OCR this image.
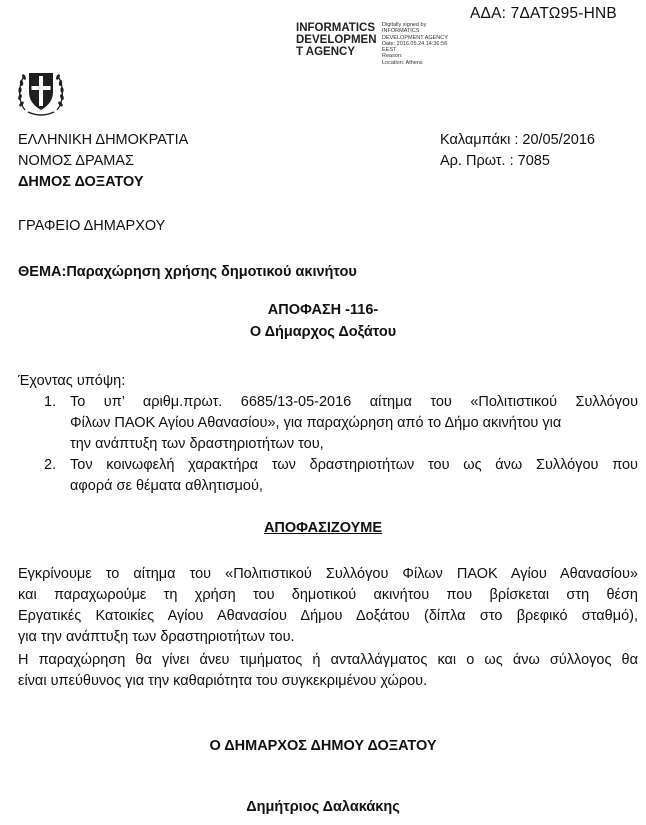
ΑΔΑ: 7ΔΑΤΩ95-ΗΝΒ
INFORMATICS
DEVELOPMEN
T AGENCY
Digitally signed by
INFORMATICS
DEVELOPMENT AGENCY
Date: 2016.05.24 14:36:56
EEST
Reason:
Location: Athens
ΕΛΛΗΝΙΚΗ ΔΗΜΟΚΡΑΤΙΑ
ΝΟΜΟΣ ΔΡΑΜΑΣ
ΔΗΜΟΣ ΔΟΞΑΤΟΥ
Καλαμπάκι : 20/05/2016
Αρ. Πρωτ. : 7085
ΓΡΑΦΕΙΟ ΔΗΜΑΡΧΟΥ
ΘΕΜΑ:Παραχώρηση χρήσης δημοτικού ακινήτου
ΑΠΟΦΑΣΗ -116-
Ο Δήμαρχος Δοξάτου
Έχοντας υπόψη:
1. Το υπ’ αριθμ.πρωτ. 6685/13-05-2016 αίτημα του «Πολιτιστικού Συλλόγου
Φίλων ΠΑΟΚ Αγίου Αθανασίου», για παραχώρηση από το Δήμο ακινήτου για
την ανάπτυξη των δραστηριοτήτων του,
2. Τον κοινωφελή χαρακτήρα των δραστηριοτήτων του ως άνω Συλλόγου που
αφορά σε θέματα αθλητισμού,
ΑΠΟΦΑΣΙΖΟΥΜΕ
Εγκρίνουμε το αίτημα του «Πολιτιστικού Συλλόγου Φίλων ΠΑΟΚ Αγίου Αθανασίου»
και παραχωρούμε τη χρήση του δημοτικού ακινήτου που βρίσκεται στη θέση
Εργατικές Κατοικίες Αγίου Αθανασίου Δήμου Δοξάτου (δίπλα στο βρεφικό σταθμό),
για την ανάπτυξη των δραστηριοτήτων του.
Η παραχώρηση θα γίνει άνευ τιμήματος ή ανταλλάγματος και ο ως άνω σύλλογος θα
είναι υπεύθυνος για την καθαριότητα του συγκεκριμένου χώρου.
Ο ΔΗΜΑΡΧΟΣ ΔΗΜΟΥ ΔΟΞΑΤΟΥ
Δημήτριος Δαλακάκης
